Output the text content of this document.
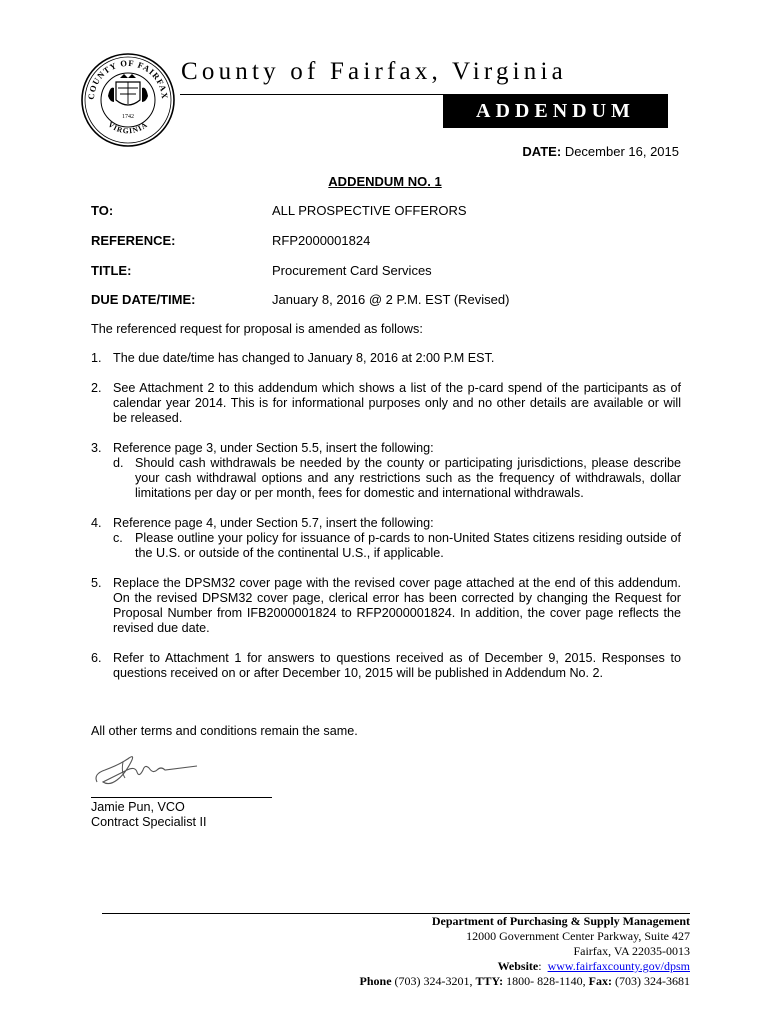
COUNTY OF FAIRFAX
VIRGINIA
1742
County of Fairfax, Virginia
ADDENDUM
DATE: December 16, 2015
ADDENDUM NO. 1
TO:	ALL PROSPECTIVE OFFERORS
REFERENCE:	RFP2000001824
TITLE:	Procurement Card Services
DUE DATE/TIME:	January 8, 2016 @ 2 P.M. EST (Revised)
The referenced request for proposal is amended as follows:
1. The due date/time has changed to January 8, 2016 at 2:00 P.M EST.
2. See Attachment 2 to this addendum which shows a list of the p-card spend of the participants as of calendar year 2014. This is for informational purposes only and no other details are available or will be released.
3. Reference page 3, under Section 5.5, insert the following:
d. Should cash withdrawals be needed by the county or participating jurisdictions, please describe your cash withdrawal options and any restrictions such as the frequency of withdrawals, dollar limitations per day or per month, fees for domestic and international withdrawals.
4. Reference page 4, under Section 5.7, insert the following:
c. Please outline your policy for issuance of p-cards to non-United States citizens residing outside of the U.S. or outside of the continental U.S., if applicable.
5. Replace the DPSM32 cover page with the revised cover page attached at the end of this addendum. On the revised DPSM32 cover page, clerical error has been corrected by changing the Request for Proposal Number from IFB2000001824 to RFP2000001824. In addition, the cover page reflects the revised due date.
6. Refer to Attachment 1 for answers to questions received as of December 9, 2015. Responses to questions received on or after December 10, 2015 will be published in Addendum No. 2.
All other terms and conditions remain the same.
Jamie Pun, VCO
Contract Specialist II
Department of Purchasing & Supply Management
12000 Government Center Parkway, Suite 427
Fairfax, VA 22035-0013
Website:  www.fairfaxcounty.gov/dpsm
Phone (703) 324-3201, TTY: 1800- 828-1140, Fax: (703) 324-3681
